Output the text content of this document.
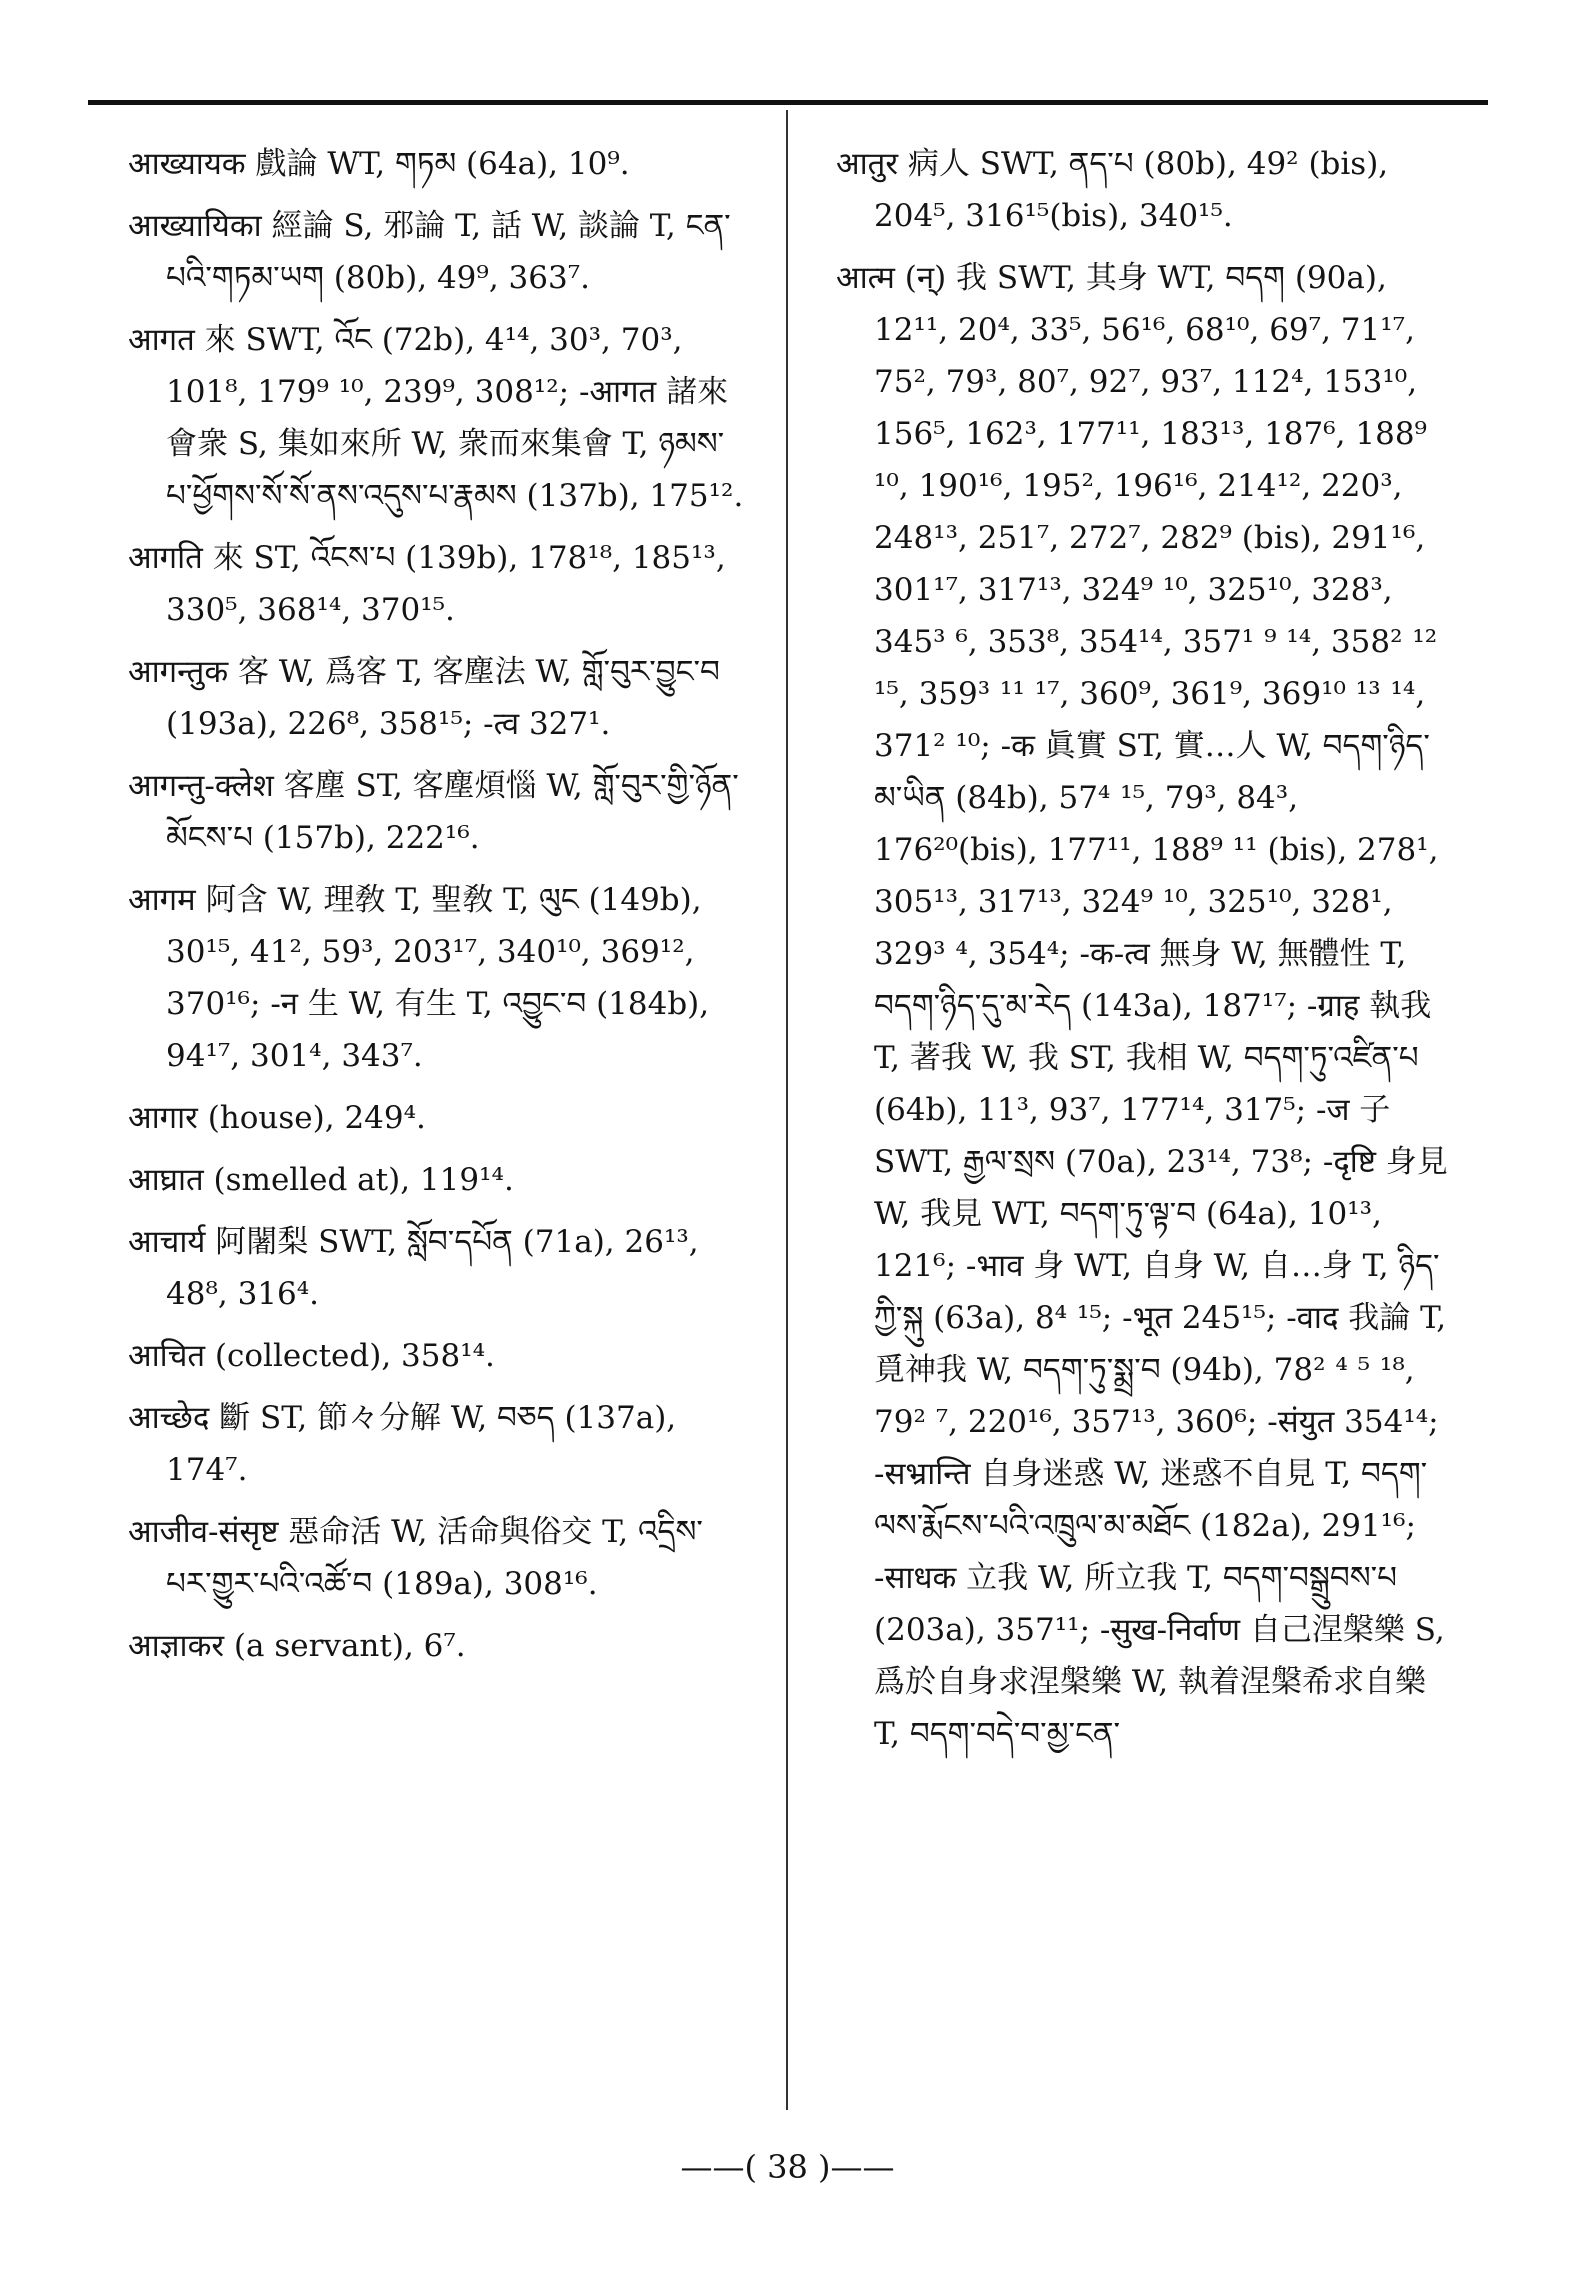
आख्यायक 戲論 WT, གཏམ (64a), 10⁹.
आख्यायिका 經論 S, 邪論 T, 話 W, 談論 T, ངན་པའི་གཏམ་ཡག (80b), 49⁹, 363⁷.
आगत 來 SWT, འོང (72b), 4¹⁴, 30³, 70³, 101⁸, 179⁹ ¹⁰, 239⁹, 308¹²; -आगत 諸來會衆 S, 集如來所 W, 衆而來集會 T, ཉམས་པ་ཕྱོགས་སོ་སོ་ནས་འདུས་པ་རྣམས (137b), 175¹².
आगति 來 ST, འོངས་པ (139b), 178¹⁸, 185¹³, 330⁵, 368¹⁴, 370¹⁵.
आगन्तुक 客 W, 爲客 T, 客塵法 W, གློ་བུར་བྱུང་བ (193a), 226⁸, 358¹⁵; -त्व 327¹.
आगन्तु-क्लेश 客塵 ST, 客塵煩惱 W, གློ་བུར་གྱི་ཉོན་མོངས་པ (157b), 222¹⁶.
आगम 阿含 W, 理敎 T, 聖敎 T, ལུང (149b), 30¹⁵, 41², 59³, 203¹⁷, 340¹⁰, 369¹², 370¹⁶; -न 生 W, 有生 T, འབྱུང་བ (184b), 94¹⁷, 301⁴, 343⁷.
आगार (house), 249⁴.
आघ्रात (smelled at), 119¹⁴.
आचार्य 阿闍梨 SWT, སློབ་དཔོན (71a), 26¹³, 48⁸, 316⁴.
आचित (collected), 358¹⁴.
आच्छेद 斷 ST, 節々分解 W, བཅད (137a), 174⁷.
आजीव-संसृष्ट 惡命活 W, 活命與俗交 T, འདྲིས་པར་གྱུར་པའི་འཚོ་བ (189a), 308¹⁶.
आज्ञाकर (a servant), 6⁷.
आतुर 病人 SWT, ནད་པ (80b), 49² (bis), 204⁵, 316¹⁵(bis), 340¹⁵.
आत्म (न्) 我 SWT, 其身 WT, བདག (90a), 12¹¹, 20⁴, 33⁵, 56¹⁶, 68¹⁰, 69⁷, 71¹⁷, 75², 79³, 80⁷, 92⁷, 93⁷, 112⁴, 153¹⁰, 156⁵, 162³, 177¹¹, 183¹³, 187⁶, 188⁹ ¹⁰, 190¹⁶, 195², 196¹⁶, 214¹², 220³, 248¹³, 251⁷, 272⁷, 282⁹ (bis), 291¹⁶, 301¹⁷, 317¹³, 324⁹ ¹⁰, 325¹⁰, 328³, 345³ ⁶, 353⁸, 354¹⁴, 357¹ ⁹ ¹⁴, 358² ¹² ¹⁵, 359³ ¹¹ ¹⁷, 360⁹, 361⁹, 369¹⁰ ¹³ ¹⁴, 371² ¹⁰; -क 眞實 ST, 實…人 W, བདག་ཉིད་མ་ཡིན (84b), 57⁴ ¹⁵, 79³, 84³, 176²⁰(bis), 177¹¹, 188⁹ ¹¹ (bis), 278¹, 305¹³, 317¹³, 324⁹ ¹⁰, 325¹⁰, 328¹, 329³ ⁴, 354⁴; -क-त्व 無身 W, 無體性 T, བདག་ཉིད་དུ་མ་རེད (143a), 187¹⁷; -ग्राह 執我 T, 著我 W, 我 ST, 我相 W, བདག་ཏུ་འཛིན་པ (64b), 11³, 93⁷, 177¹⁴, 317⁵; -ज 子 SWT, རྒྱལ་སྲས (70a), 23¹⁴, 73⁸; -दृष्टि 身見 W, 我見 WT, བདག་ཏུ་ལྟ་བ (64a), 10¹³, 121⁶; -भाव 身 WT, 自身 W, 自…身 T, ཉིད་ཀྱི་སྐུ (63a), 8⁴ ¹⁵; -भूत 245¹⁵; -वाद 我論 T, 覓神我 W, བདག་ཏུ་སྨྲ་བ (94b), 78² ⁴ ⁵ ¹⁸, 79² ⁷, 220¹⁶, 357¹³, 360⁶; -संयुत 354¹⁴; -सभ्रान्ति 自身迷惑 W, 迷惑不自見 T, བདག་ལས་རྨོངས་པའི་འཁྲུལ་མ་མཐོང (182a), 291¹⁶; -साधक 立我 W, 所立我 T, བདག་བསྒྲུབས་པ (203a), 357¹¹; -सुख-निर्वाण 自己涅槃樂 S, 爲於自身求涅槃樂 W, 執着涅槃希求自樂 T, བདག་བདེ་བ་མྱ་ངན་
——( 38 )——
